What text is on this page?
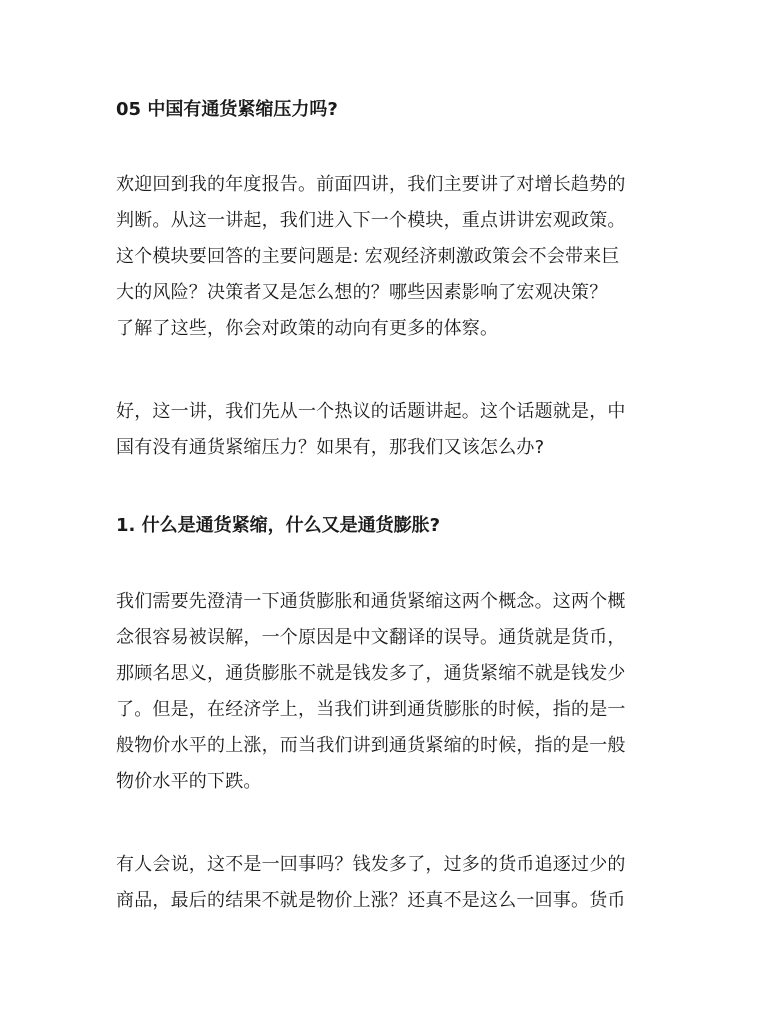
05 中国有通货紧缩压力吗?
欢迎回到我的年度报告。前面四讲，我们主要讲了对增长趋势的
判断。从这一讲起，我们进入下一个模块，重点讲讲宏观政策。
这个模块要回答的主要问题是: 宏观经济刺激政策会不会带来巨
大的风险？决策者又是怎么想的？哪些因素影响了宏观决策？
了解了这些，你会对政策的动向有更多的体察。
好，这一讲，我们先从一个热议的话题讲起。这个话题就是，中
国有没有通货紧缩压力？如果有，那我们又该怎么办?
1. 什么是通货紧缩，什么又是通货膨胀?
我们需要先澄清一下通货膨胀和通货紧缩这两个概念。这两个概
念很容易被误解，一个原因是中文翻译的误导。通货就是货币，
那顾名思义，通货膨胀不就是钱发多了，通货紧缩不就是钱发少
了。但是，在经济学上，当我们讲到通货膨胀的时候，指的是一
般物价水平的上涨，而当我们讲到通货紧缩的时候，指的是一般
物价水平的下跌。
有人会说，这不是一回事吗？钱发多了，过多的货币追逐过少的
商品，最后的结果不就是物价上涨？还真不是这么一回事。货币
